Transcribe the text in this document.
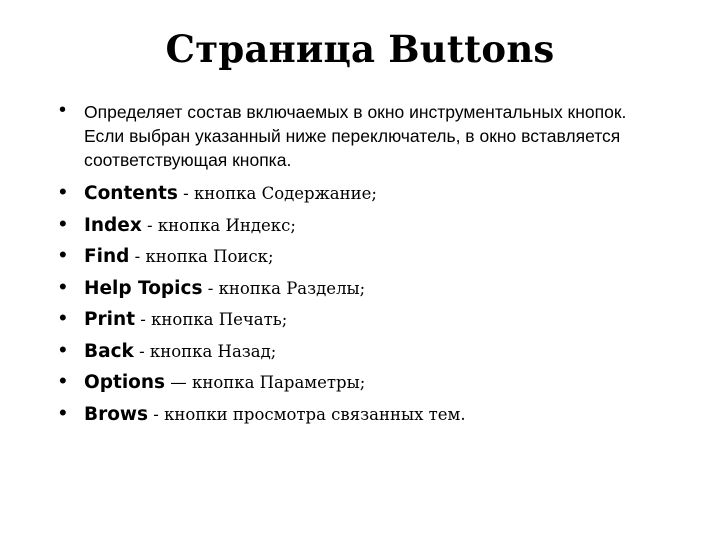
Страница Buttons
• Определяет состав включаемых в окно инструментальных кнопок. Если выбран указанный ниже переключатель, в окно вставляется соответствующая кнопка.
• Contents - кнопка Содержание;
• Index - кнопка Индекс;
• Find - кнопка Поиск;
• Help Topics - кнопка Разделы;
• Print - кнопка Печать;
• Back - кнопка Назад;
• Options — кнопка Параметры;
• Brows - кнопки просмотра связанных тем.
